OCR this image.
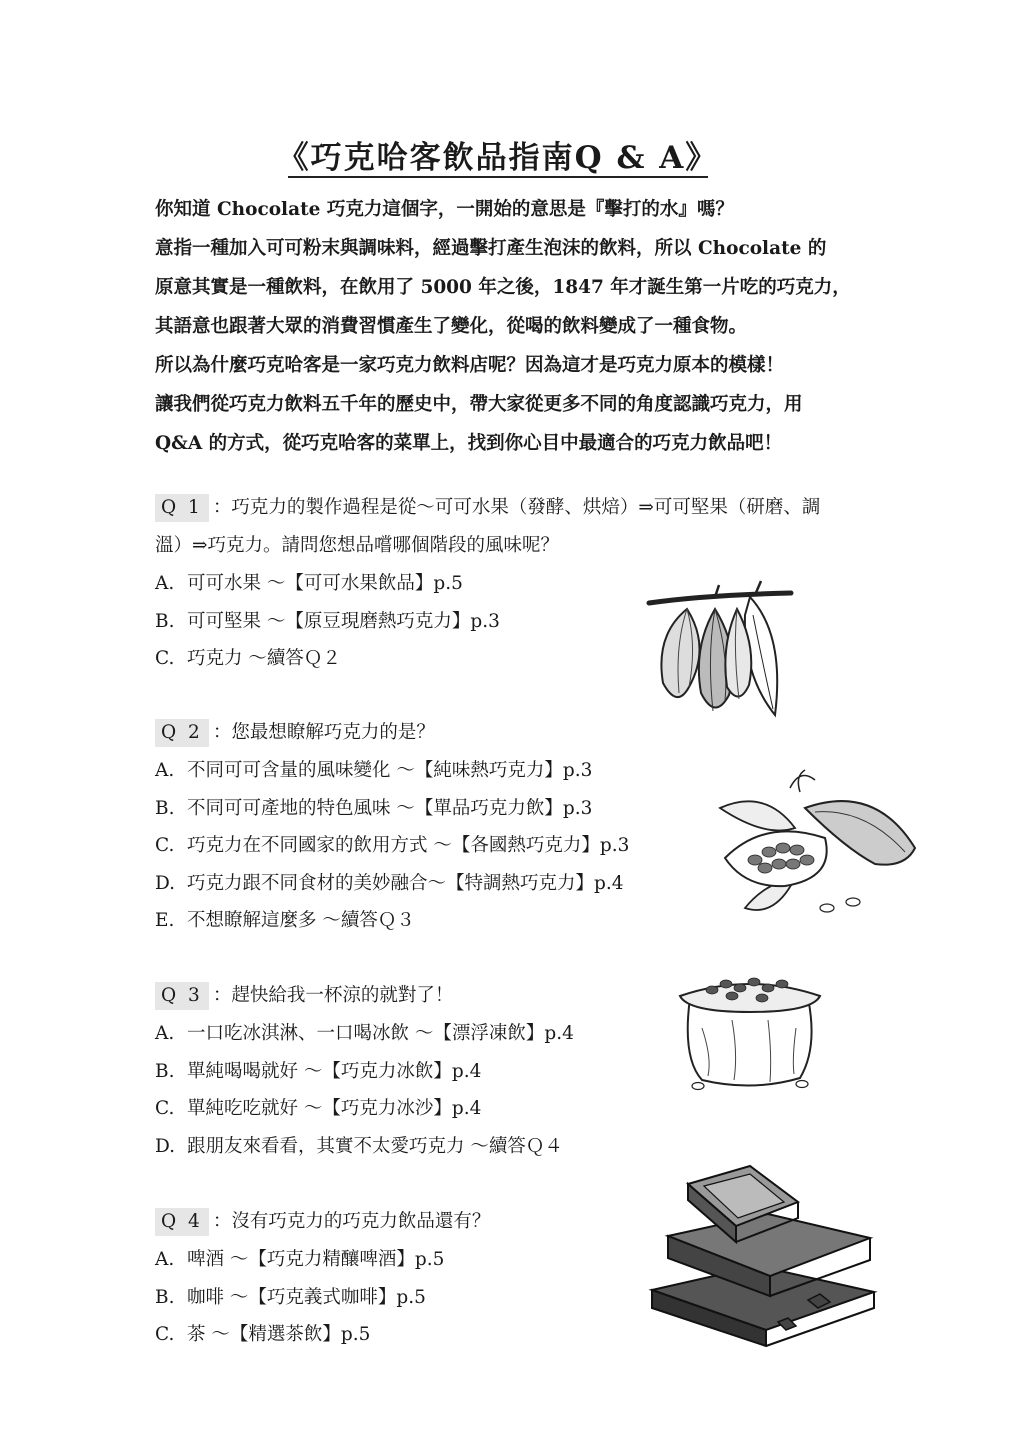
《巧克哈客飲品指南Q & A》

你知道 Chocolate 巧克力這個字，一開始的意思是『擊打的水』嗎？

意指一種加入可可粉末與調味料，經過擊打產生泡沫的飲料，所以 Chocolate 的

原意其實是一種飲料，在飲用了 5000 年之後，1847 年才誕生第一片吃的巧克力，

其語意也跟著大眾的消費習慣產生了變化，從喝的飲料變成了一種食物。

所以為什麼巧克哈客是一家巧克力飲料店呢？因為這才是巧克力原本的模樣！

讓我們從巧克力飲料五千年的歷史中，帶大家從更多不同的角度認識巧克力，用

Q&A 的方式，從巧克哈客的菜單上，找到你心目中最適合的巧克力飲品吧！

Q 1 ：巧克力的製作過程是從～可可水果（發酵、烘焙）⇒可可堅果（研磨、調
溫）⇒巧克力。請問您想品嚐哪個階段的風味呢？
A. 可可水果 ～【可可水果飲品】p.5
B. 可可堅果 ～【原豆現磨熱巧克力】p.3
C. 巧克力 ～續答Ｑ２
Q 2 ：您最想瞭解巧克力的是？
A. 不同可可含量的風味變化 ～【純味熱巧克力】p.3
B. 不同可可產地的特色風味 ～【單品巧克力飲】p.3
C. 巧克力在不同國家的飲用方式 ～【各國熱巧克力】p.3
D. 巧克力跟不同食材的美妙融合～【特調熱巧克力】p.4
E. 不想瞭解這麼多 ～續答Ｑ３
Q 3 ：趕快給我一杯涼的就對了！
A. 一口吃冰淇淋、一口喝冰飲 ～【漂浮凍飲】p.4
B. 單純喝喝就好 ～【巧克力冰飲】p.4
C. 單純吃吃就好 ～【巧克力冰沙】p.4
D. 跟朋友來看看，其實不太愛巧克力 ～續答Ｑ４
Q 4 ：沒有巧克力的巧克力飲品還有？
A. 啤酒 ～【巧克力精釀啤酒】p.5
B. 咖啡 ～【巧克義式咖啡】p.5
C. 茶 ～【精選茶飲】p.5
